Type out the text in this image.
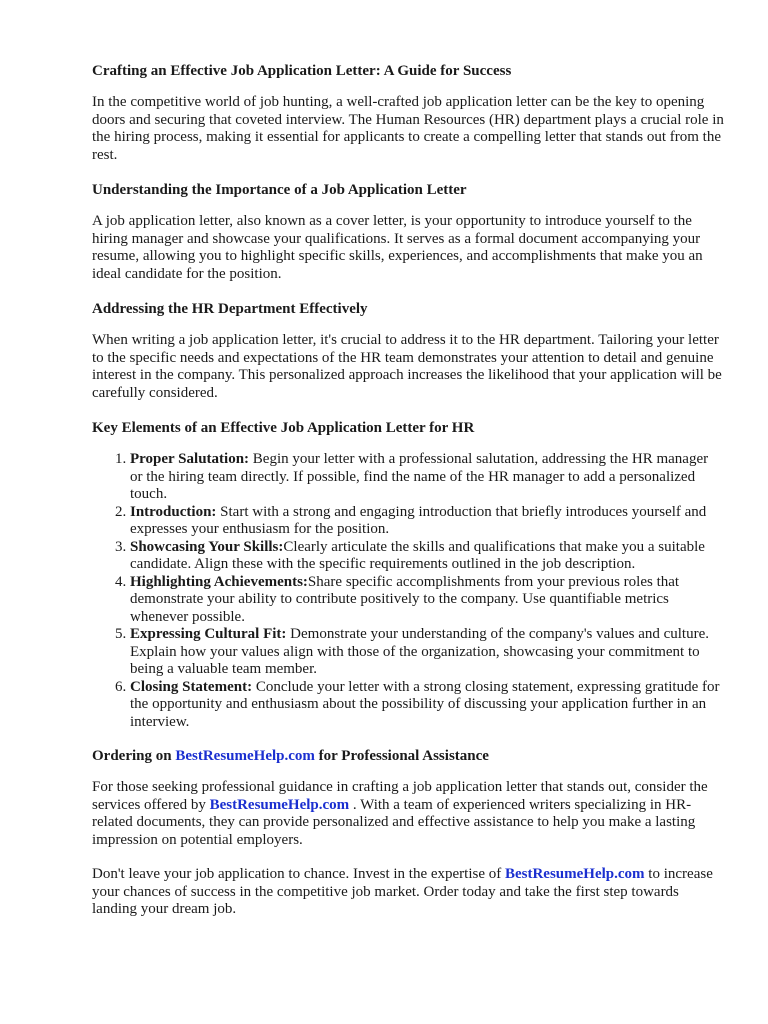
Crafting an Effective Job Application Letter: A Guide for Success

In the competitive world of job hunting, a well-crafted job application letter can be the key to opening doors and securing that coveted interview. The Human Resources (HR) department plays a crucial role in the hiring process, making it essential for applicants to create a compelling letter that stands out from the rest.

Understanding the Importance of a Job Application Letter

A job application letter, also known as a cover letter, is your opportunity to introduce yourself to the hiring manager and showcase your qualifications. It serves as a formal document accompanying your resume, allowing you to highlight specific skills, experiences, and accomplishments that make you an ideal candidate for the position.

Addressing the HR Department Effectively

When writing a job application letter, it's crucial to address it to the HR department. Tailoring your letter to the specific needs and expectations of the HR team demonstrates your attention to detail and genuine interest in the company. This personalized approach increases the likelihood that your application will be carefully considered.

Key Elements of an Effective Job Application Letter for HR
1. Proper Salutation: Begin your letter with a professional salutation, addressing the HR manager or the hiring team directly. If possible, find the name of the HR manager to add a personalized touch.
2. Introduction: Start with a strong and engaging introduction that briefly introduces yourself and expresses your enthusiasm for the position.
3. Showcasing Your Skills:Clearly articulate the skills and qualifications that make you a suitable candidate. Align these with the specific requirements outlined in the job description.
4. Highlighting Achievements:Share specific accomplishments from your previous roles that demonstrate your ability to contribute positively to the company. Use quantifiable metrics whenever possible.
5. Expressing Cultural Fit: Demonstrate your understanding of the company's values and culture. Explain how your values align with those of the organization, showcasing your commitment to being a valuable team member.
6. Closing Statement: Conclude your letter with a strong closing statement, expressing gratitude for the opportunity and enthusiasm about the possibility of discussing your application further in an interview.
Ordering on BestResumeHelp.com for Professional Assistance

For those seeking professional guidance in crafting a job application letter that stands out, consider the services offered by BestResumeHelp.com . With a team of experienced writers specializing in HR-related documents, they can provide personalized and effective assistance to help you make a lasting impression on potential employers.

Don't leave your job application to chance. Invest in the expertise of BestResumeHelp.com to increase your chances of success in the competitive job market. Order today and take the first step towards landing your dream job.
